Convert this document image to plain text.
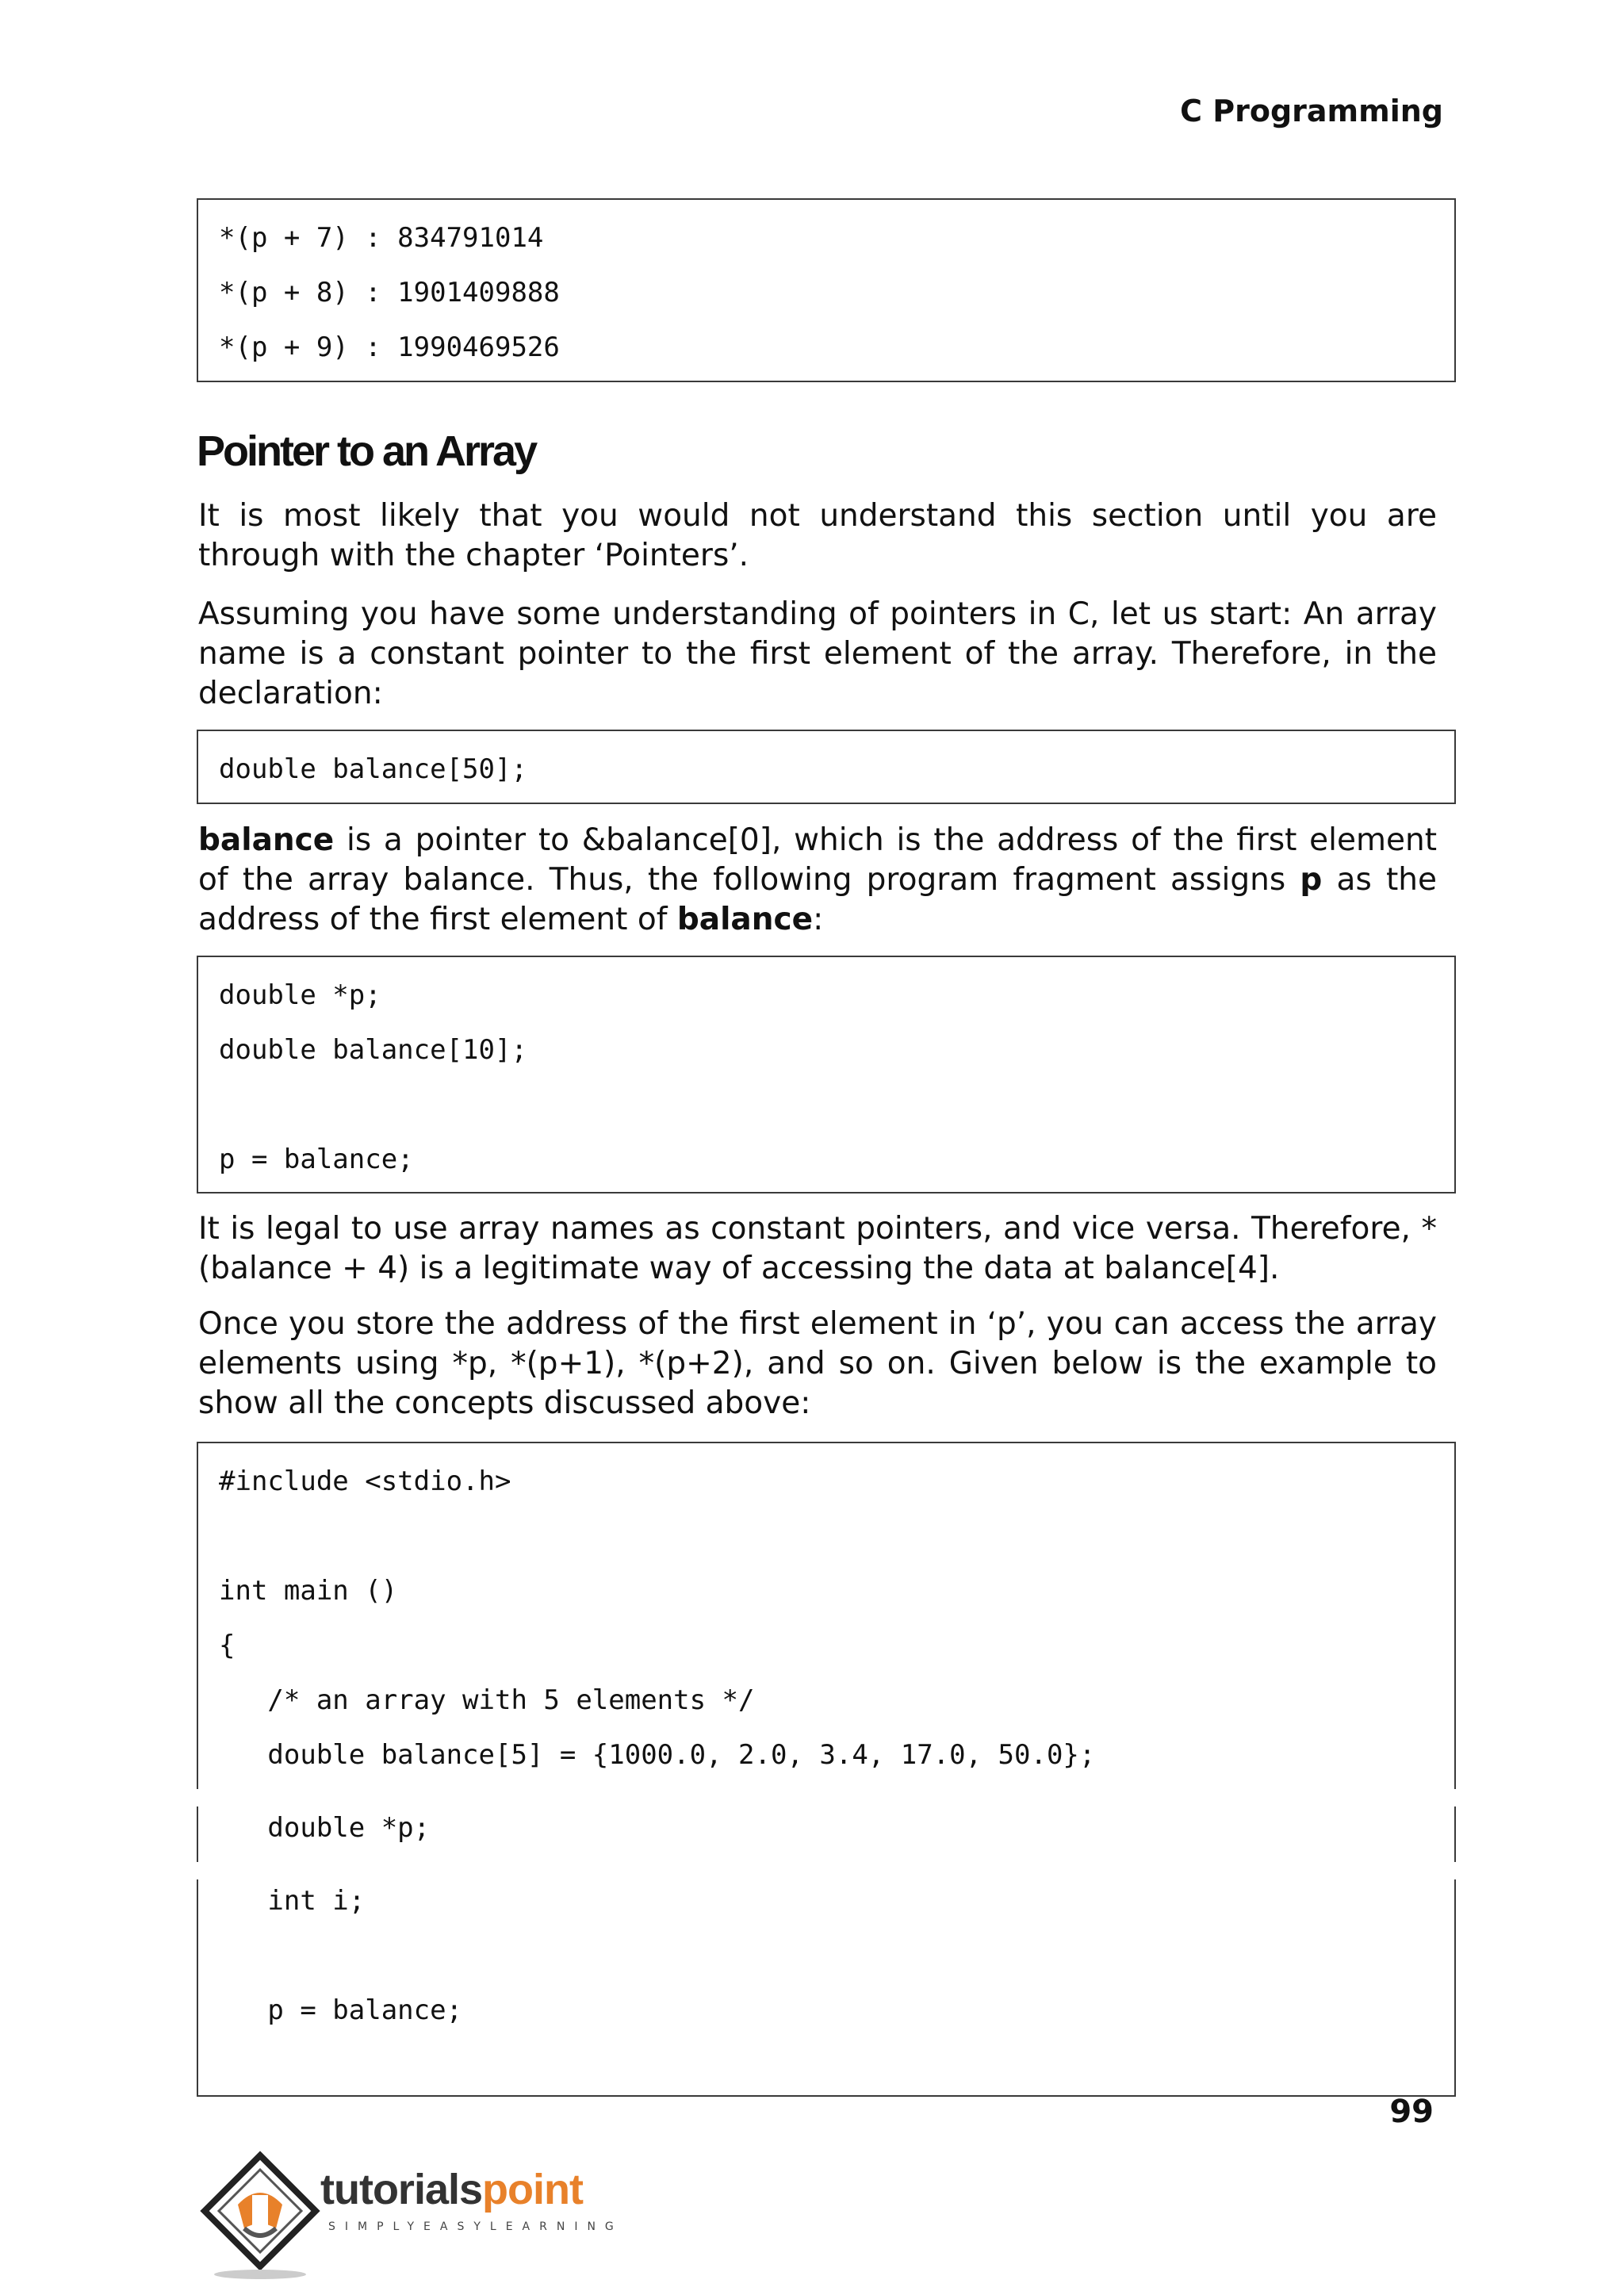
C Programming
*(p + 7) : 834791014
*(p + 8) : 1901409888
*(p + 9) : 1990469526
Pointer to an Array
It is most likely that you would not understand this section until you are through with the chapter ‘Pointers’.
Assuming you have some understanding of pointers in C, let us start: An array name is a constant pointer to the first element of the array. Therefore, in the declaration:
double balance[50];
balance is a pointer to &balance[0], which is the address of the first element of the array balance. Thus, the following program fragment assigns p as the address of the first element of balance:
double *p;
double balance[10];
p = balance;
It is legal to use array names as constant pointers, and vice versa. Therefore, *(balance + 4) is a legitimate way of accessing the data at balance[4].
Once you store the address of the first element in ‘p’, you can access the array elements using *p, *(p+1), *(p+2), and so on. Given below is the example to show all the concepts discussed above:
#include <stdio.h>
int main ()
{
/* an array with 5 elements */
double balance[5] = {1000.0, 2.0, 3.4, 17.0, 50.0};
double *p;
int i;
p = balance;
99
tutorialspoint
SIMPLYEASYLEARNING
